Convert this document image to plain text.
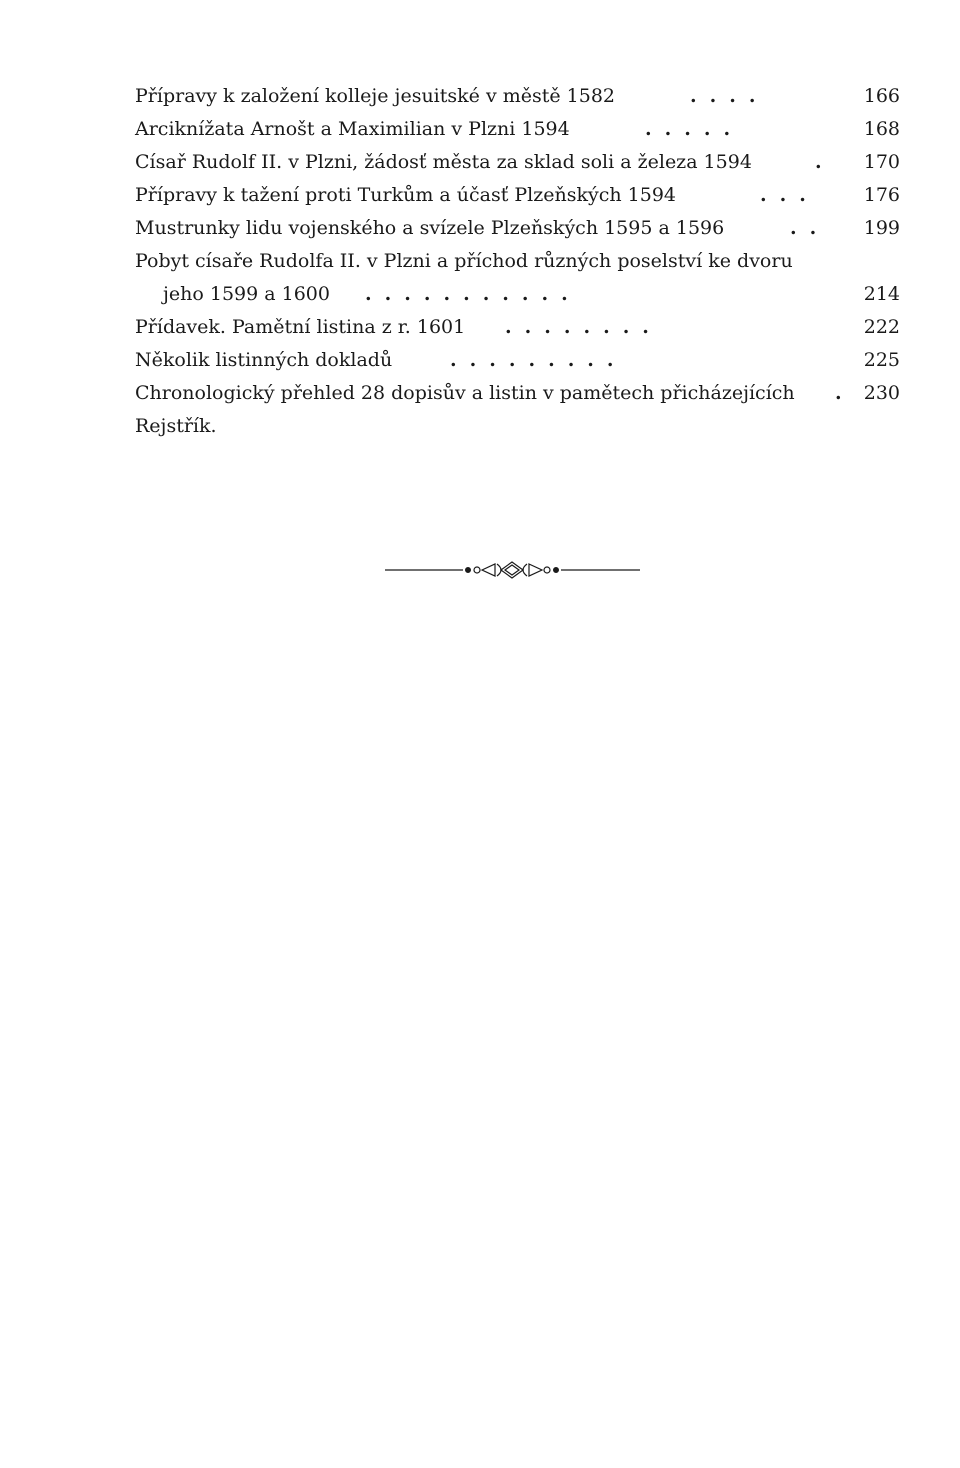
Přípravy k založení kolleje jesuitské v městě 1582	....	166
Arciknížata Arnošt a Maximilian v Plzni 1594	.....	168
Císař Rudolf II. v Plzni, žádosť města za sklad soli a železa 1594	.	170
Přípravy k tažení proti Turkům a účasť Plzeňských 1594	...	176
Mustrunky lidu vojenského a svízele Plzeňských 1595 a 1596	..	199
Pobyt císaře Rudolfa II. v Plzni a příchod různých poselství ke dvoru
jeho 1599 a 1600 ...........	214
Přídavek. Pamětní listina z r. 1601 ........	222
Několik listinných dokladů	.........	225
Chronologický přehled 28 dopisův a listin v pamětech přicházejících . 230
Rejstřík.
